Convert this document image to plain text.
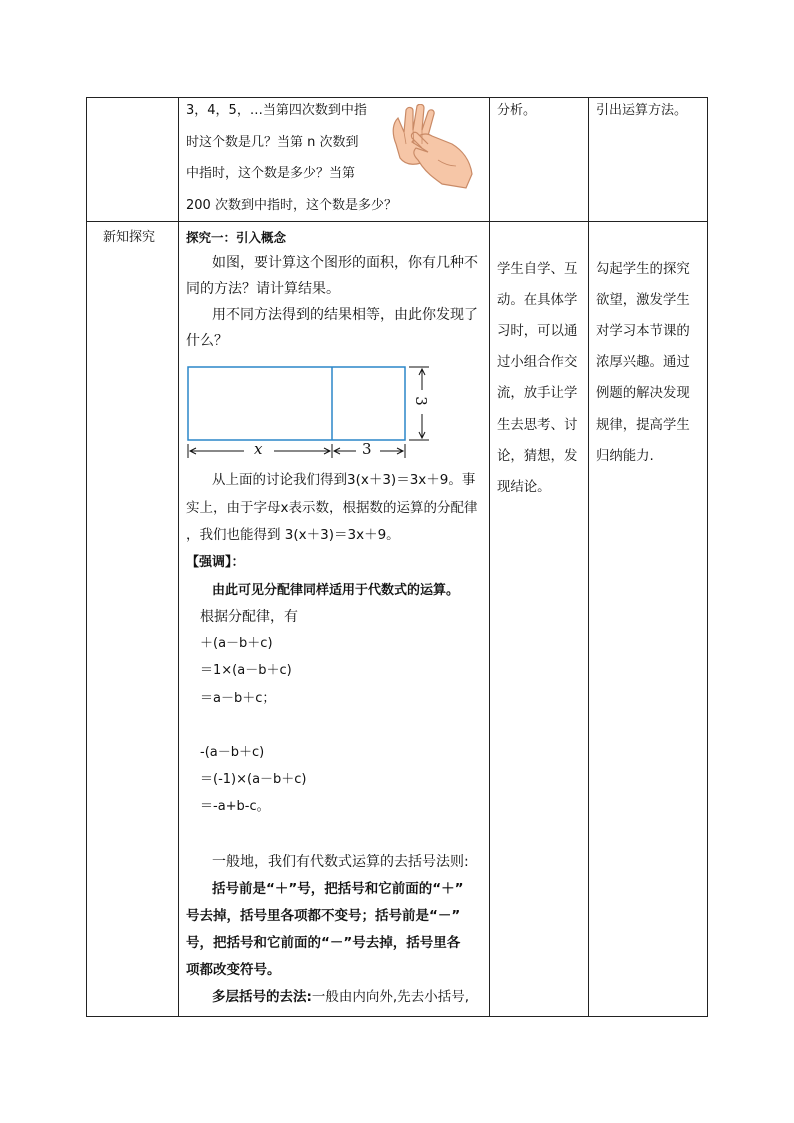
3，4，5，…当第四次数到中指
时这个数是几？当第 n 次数到
中指时，这个数是多少？当第
200 次数到中指时，这个数是多少？
分析。	引出运算方法。
新知探究 探究一：引入概念
如图，要计算这个图形的面积，你有几种不
同的方法？请计算结果。
用不同方法得到的结果相等，由此你发现了
什么？
x	3
3
从上面的讨论我们得到3(x＋3)＝3x＋9。事
实上，由于字母x表示数，根据数的运算的分配律
，我们也能得到 3(x＋3)＝3x＋9。
【强调】：
由此可见分配律同样适用于代数式的运算。
根据分配律，有
＋(a－b＋c)
＝1×(a－b＋c)
＝a－b＋c；
-(a－b＋c)
＝(-1)×(a－b＋c)
＝-a+b-c。
一般地，我们有代数式运算的去括号法则:
括号前是“＋”号，把括号和它前面的“＋”
号去掉，括号里各项都不变号；括号前是“－”
号，把括号和它前面的“－”号去掉，括号里各
项都改变符号。
多层括号的去法:一般由内向外,先去小括号,
学生自学、互
动。在具体学
习时，可以通
过小组合作交
流，放手让学
生去思考、讨
论，猜想，发
现结论。
勾起学生的探究
欲望，激发学生
对学习本节课的
浓厚兴趣。通过
例题的解决发现
规律，提高学生
归纳能力.
